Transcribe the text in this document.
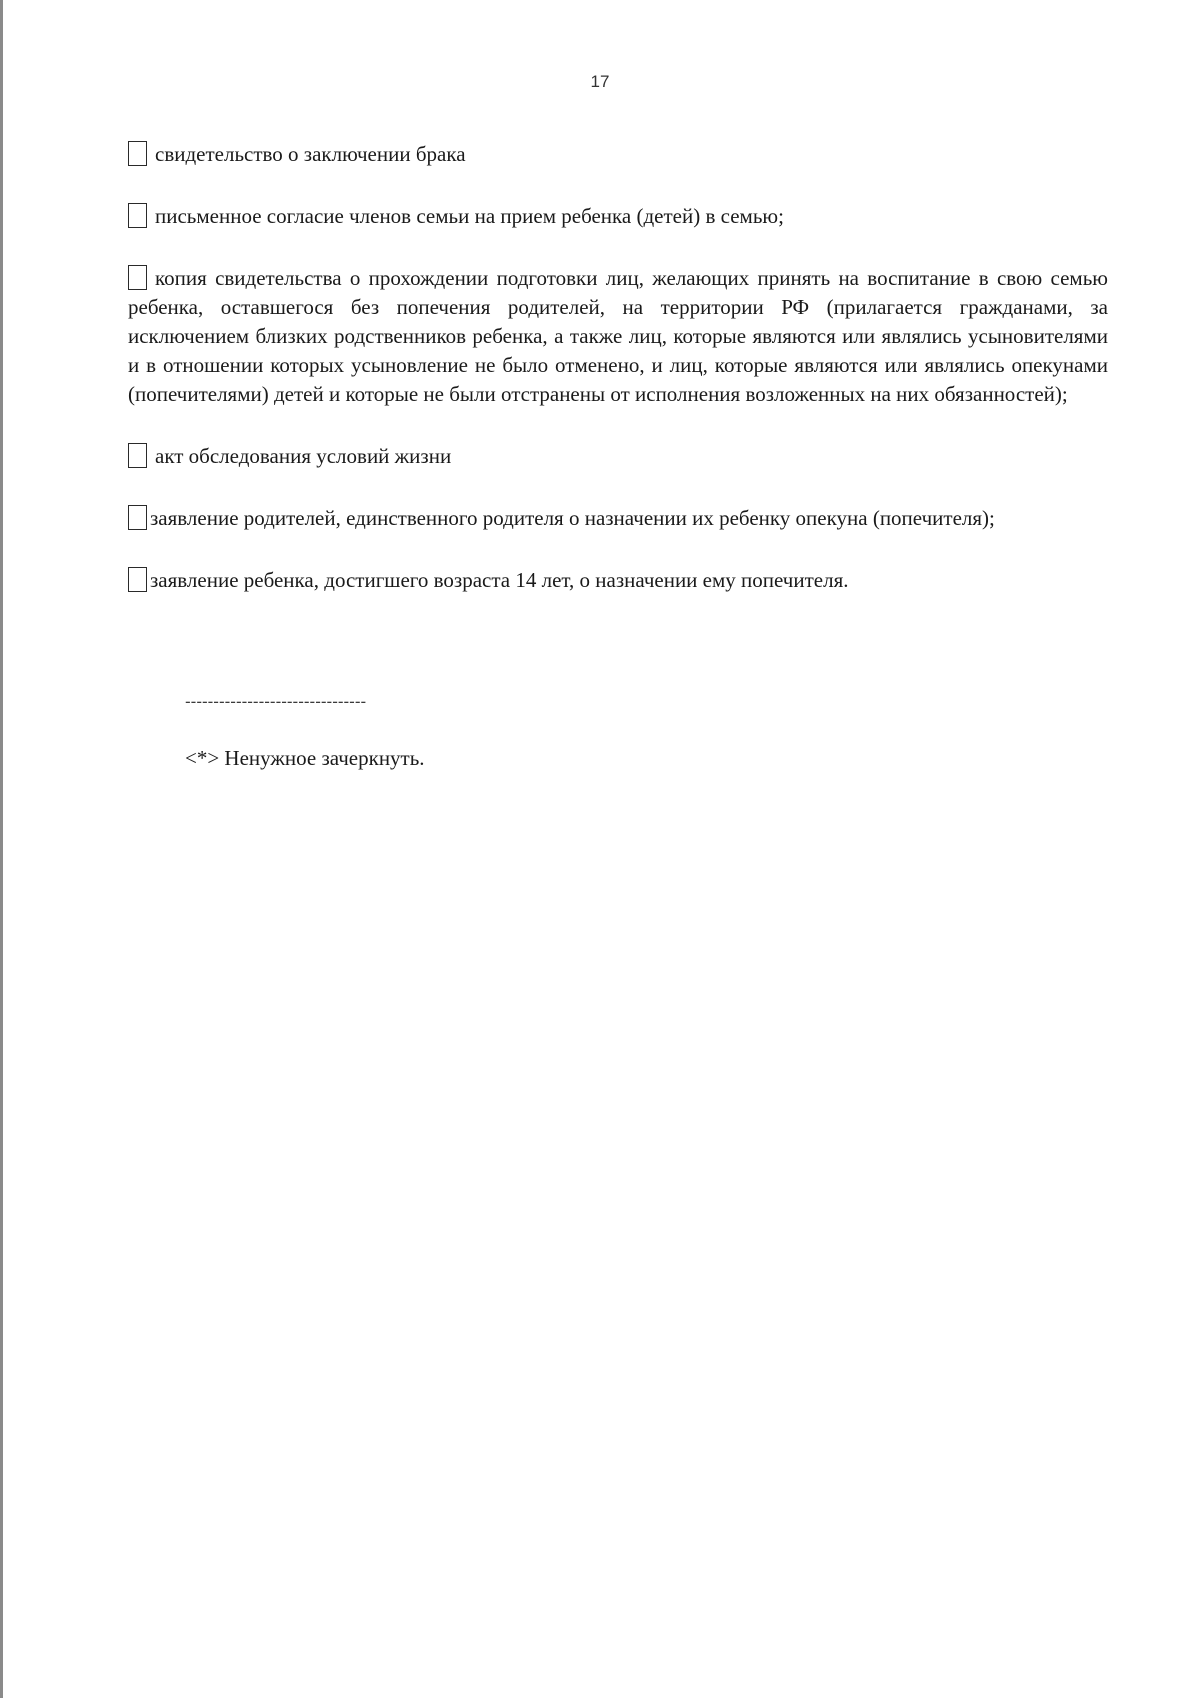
17
свидетельство о заключении брака
письменное согласие членов семьи на прием ребенка (детей) в семью;
копия свидетельства о прохождении подготовки лиц, желающих принять на воспитание в свою семью ребенка, оставшегося без попечения родителей, на территории РФ (прилагается гражданами, за исключением близких родственников ребенка, а также лиц, которые являются или являлись усыновителями и в отношении которых усыновление не было отменено, и лиц, которые являются или являлись опекунами (попечителями) детей и которые не были отстранены от исполнения возложенных на них обязанностей);
акт обследования условий жизни
заявление родителей, единственного родителя о назначении их ребенку опекуна (попечителя);
заявление ребенка, достигшего возраста 14 лет, о назначении ему попечителя.
--------------------------------
<*> Ненужное зачеркнуть.
